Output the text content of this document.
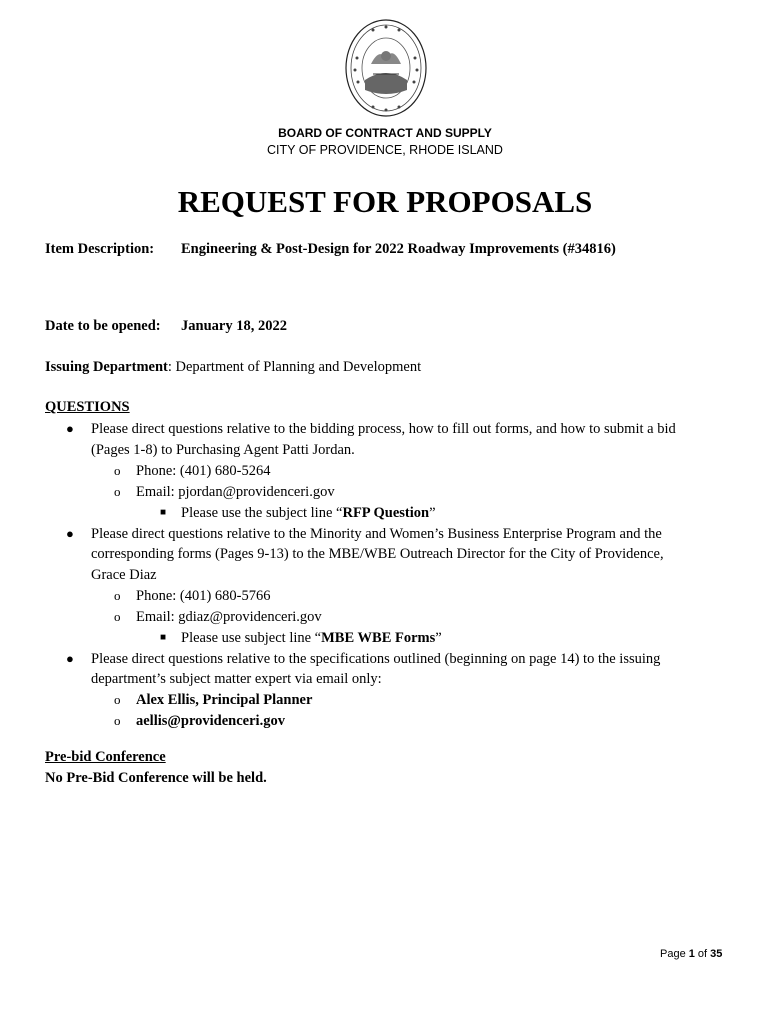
BOARD OF CONTRACT AND SUPPLY
CITY OF PROVIDENCE, RHODE ISLAND
REQUEST FOR PROPOSALS
Item Description: Engineering & Post-Design for 2022 Roadway Improvements (#34816)
Date to be opened: January 18, 2022
Issuing Department: Department of Planning and Development
QUESTIONS
● Please direct questions relative to the bidding process, how to fill out forms, and how to submit a bid
(Pages 1-8) to Purchasing Agent Patti Jordan.
o Phone: (401) 680-5264
o Email: pjordan@providenceri.gov
■ Please use the subject line “RFP Question”
● Please direct questions relative to the Minority and Women’s Business Enterprise Program and the
corresponding forms (Pages 9-13) to the MBE/WBE Outreach Director for the City of Providence,
Grace Diaz
o Phone: (401) 680-5766
o Email: gdiaz@providenceri.gov
■ Please use subject line “MBE WBE Forms”
● Please direct questions relative to the specifications outlined (beginning on page 14) to the issuing
department’s subject matter expert via email only:
o Alex Ellis, Principal Planner
o aellis@providenceri.gov
Pre-bid Conference
No Pre-Bid Conference will be held.
Page 1 of 35
